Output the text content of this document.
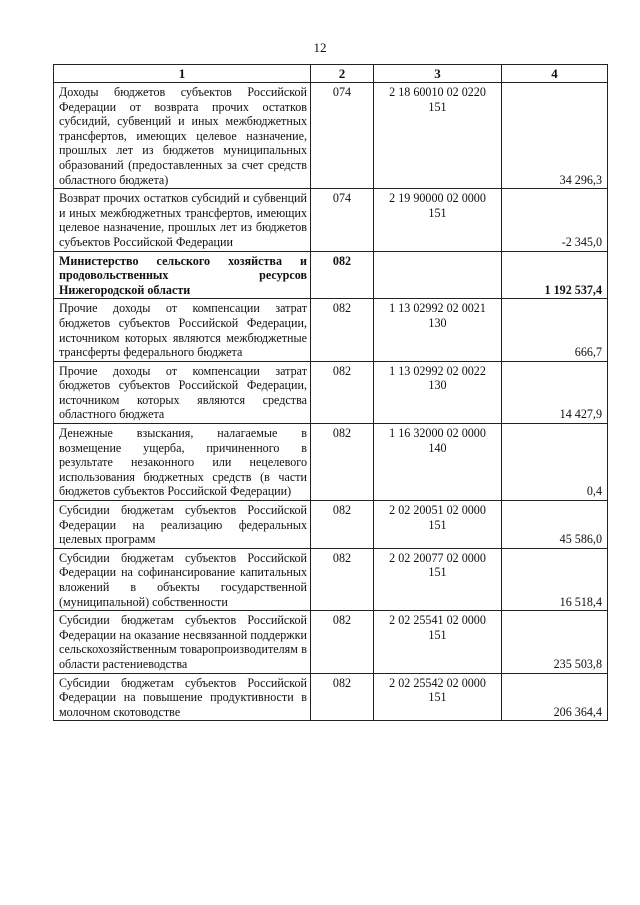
12
1	2	3	4
Доходы бюджетов субъектов Российской Федерации от возврата прочих остатков субсидий, субвенций и иных межбюджетных трансфертов, имеющих целевое назначение, прошлых лет из бюджетов муниципальных образований (предоставленных за счет средств областного бюджета)	074	2 18 60010 02 0220
151	34 296,3

Возврат прочих остатков субсидий и субвенций и иных межбюджетных трансфертов, имеющих целевое назначение, прошлых лет из бюджетов субъектов Российской Федерации	074	2 19 90000 02 0000
151	-2 345,0

Министерство сельского хозяйства и продовольственных ресурсов Нижегородской области	082		1 192 537,4

Прочие доходы от компенсации затрат бюджетов субъектов Российской Федерации, источником которых являются межбюджетные трансферты федерального бюджета	082	1 13 02992 02 0021
130	666,7

Прочие доходы от компенсации затрат бюджетов субъектов Российской Федерации, источником которых являются средства областного бюджета	082	1 13 02992 02 0022
130	14 427,9

Денежные взыскания, налагаемые в возмещение ущерба, причиненного в результате незаконного или нецелевого использования бюджетных средств (в части бюджетов субъектов Российской Федерации)	082	1 16 32000 02 0000
140	0,4

Субсидии бюджетам субъектов Российской Федерации на реализацию федеральных целевых программ	082	2 02 20051 02 0000
151	45 586,0

Субсидии бюджетам субъектов Российской Федерации на софинансирование капитальных вложений в объекты государственной (муниципальной) собственности	082	2 02 20077 02 0000
151	16 518,4

Субсидии бюджетам субъектов Российской Федерации на оказание несвязанной поддержки сельскохозяйственным товаропроизводителям в области растениеводства	082	2 02 25541 02 0000
151	235 503,8

Субсидии бюджетам субъектов Российской Федерации на повышение продуктивности в молочном скотоводстве	082	2 02 25542 02 0000
151	206 364,4
